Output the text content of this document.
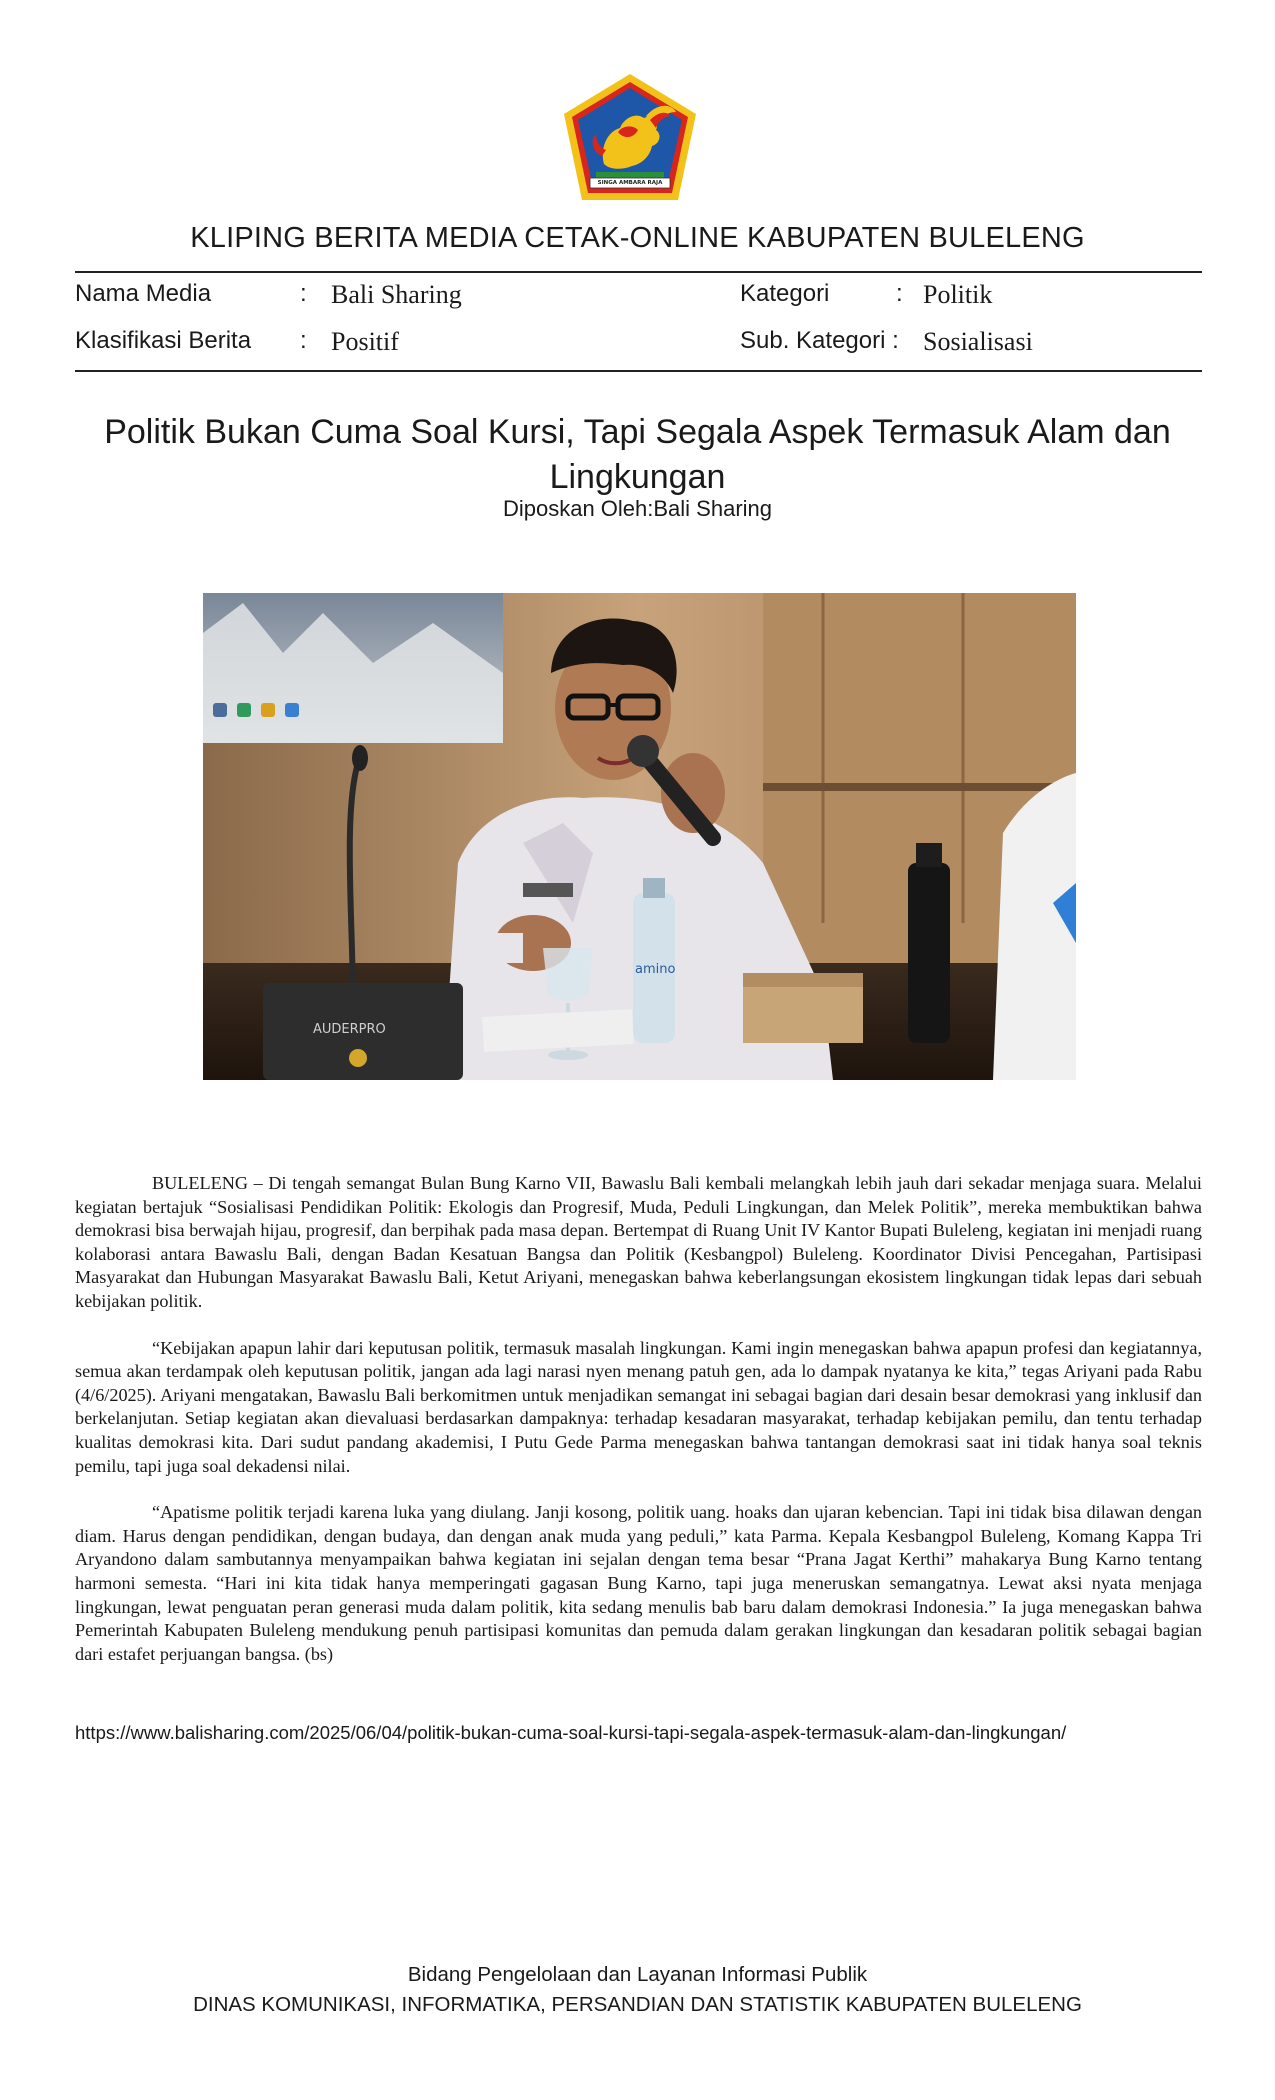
SINGA AMBARA RAJA
KLIPING BERITA MEDIA CETAK-ONLINE KABUPATEN BULELENG
Nama Media	: Bali Sharing	Kategori	: Politik
Klasifikasi Berita : Positif	Sub. Kategori : Sosialisasi
Politik Bukan Cuma Soal Kursi, Tapi Segala Aspek Termasuk Alam dan Lingkungan
Diposkan Oleh:Bali Sharing
AUDERPRO
amino

BULELENG – Di tengah semangat Bulan Bung Karno VII, Bawaslu Bali kembali melangkah lebih jauh dari sekadar menjaga suara. Melalui kegiatan bertajuk “Sosialisasi Pendidikan Politik: Ekologis dan Progresif, Muda, Peduli Lingkungan, dan Melek Politik”, mereka membuktikan bahwa demokrasi bisa berwajah hijau, progresif, dan berpihak pada masa depan. Bertempat di Ruang Unit IV Kantor Bupati Buleleng, kegiatan ini menjadi ruang kolaborasi antara Bawaslu Bali, dengan Badan Kesatuan Bangsa dan Politik (Kesbangpol) Buleleng. Koordinator Divisi Pencegahan, Partisipasi Masyarakat dan Hubungan Masyarakat Bawaslu Bali, Ketut Ariyani, menegaskan bahwa keberlangsungan ekosistem lingkungan tidak lepas dari sebuah kebijakan politik.

“Kebijakan apapun lahir dari keputusan politik, termasuk masalah lingkungan. Kami ingin menegaskan bahwa apapun profesi dan kegiatannya, semua akan terdampak oleh keputusan politik, jangan ada lagi narasi nyen menang patuh gen, ada lo dampak nyatanya ke kita,” tegas Ariyani pada Rabu (4/6/2025). Ariyani mengatakan, Bawaslu Bali berkomitmen untuk menjadikan semangat ini sebagai bagian dari desain besar demokrasi yang inklusif dan berkelanjutan. Setiap kegiatan akan dievaluasi berdasarkan dampaknya: terhadap kesadaran masyarakat, terhadap kebijakan pemilu, dan tentu terhadap kualitas demokrasi kita. Dari sudut pandang akademisi, I Putu Gede Parma menegaskan bahwa tantangan demokrasi saat ini tidak hanya soal teknis pemilu, tapi juga soal dekadensi nilai.

“Apatisme politik terjadi karena luka yang diulang. Janji kosong, politik uang. hoaks dan ujaran kebencian. Tapi ini tidak bisa dilawan dengan diam. Harus dengan pendidikan, dengan budaya, dan dengan anak muda yang peduli,” kata Parma. Kepala Kesbangpol Buleleng, Komang Kappa Tri Aryandono dalam sambutannya menyampaikan bahwa kegiatan ini sejalan dengan tema besar “Prana Jagat Kerthi” mahakarya Bung Karno tentang harmoni semesta. “Hari ini kita tidak hanya memperingati gagasan Bung Karno, tapi juga meneruskan semangatnya. Lewat aksi nyata menjaga lingkungan, lewat penguatan peran generasi muda dalam politik, kita sedang menulis bab baru dalam demokrasi Indonesia.” Ia juga menegaskan bahwa Pemerintah Kabupaten Buleleng mendukung penuh partisipasi komunitas dan pemuda dalam gerakan lingkungan dan kesadaran politik sebagai bagian dari estafet perjuangan bangsa. (bs)

https://www.balisharing.com/2025/06/04/politik-bukan-cuma-soal-kursi-tapi-segala-aspek-termasuk-alam-dan-lingkungan/
Bidang Pengelolaan dan Layanan Informasi Publik
DINAS KOMUNIKASI, INFORMATIKA, PERSANDIAN DAN STATISTIK KABUPATEN BULELENG
